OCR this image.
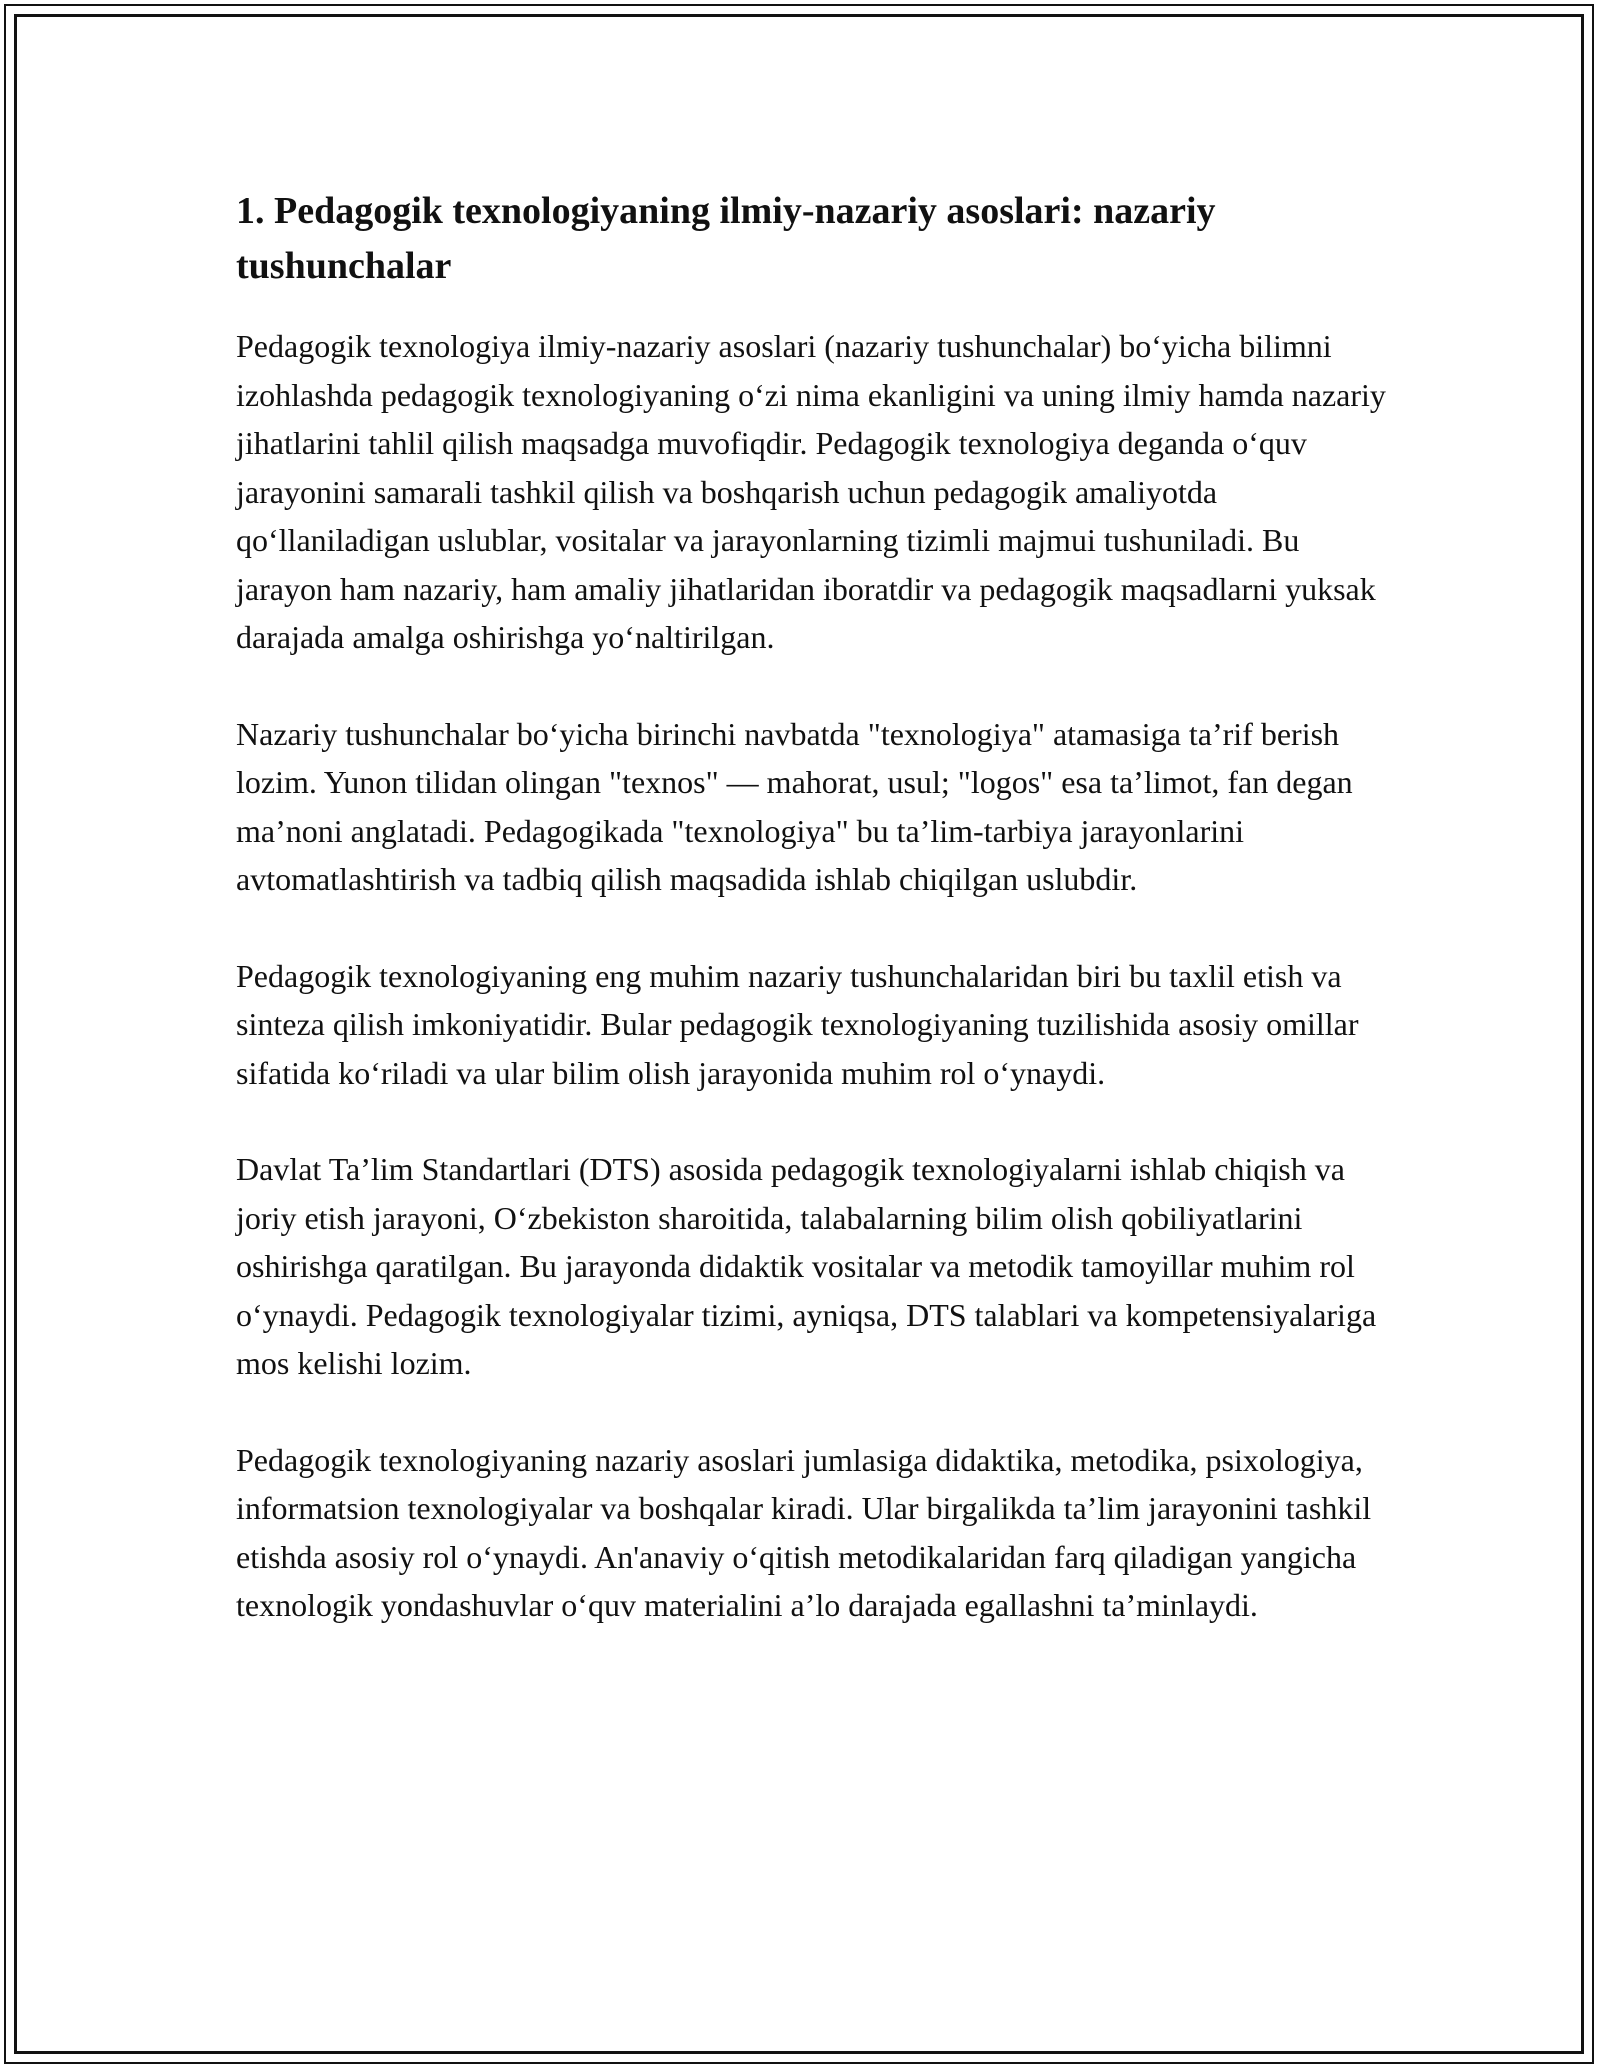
1. Pedagogik texnologiyaning ilmiy-nazariy asoslari: nazariy tushunchalar

Pedagogik texnologiya ilmiy-nazariy asoslari (nazariy tushunchalar) bo‘yicha bilimni izohlashda pedagogik texnologiyaning o‘zi nima ekanligini va uning ilmiy hamda nazariy jihatlarini tahlil qilish maqsadga muvofiqdir. Pedagogik texnologiya deganda o‘quv jarayonini samarali tashkil qilish va boshqarish uchun pedagogik amaliyotda qo‘llaniladigan uslublar, vositalar va jarayonlarning tizimli majmui tushuniladi. Bu jarayon ham nazariy, ham amaliy jihatlaridan iboratdir va pedagogik maqsadlarni yuksak darajada amalga oshirishga yo‘naltirilgan.

Nazariy tushunchalar bo‘yicha birinchi navbatda "texnologiya" atamasiga ta’rif berish lozim. Yunon tilidan olingan "texnos" — mahorat, usul; "logos" esa ta’limot, fan degan ma’noni anglatadi. Pedagogikada "texnologiya" bu ta’lim-tarbiya jarayonlarini avtomatlashtirish va tadbiq qilish maqsadida ishlab chiqilgan uslubdir.

Pedagogik texnologiyaning eng muhim nazariy tushunchalaridan biri bu taxlil etish va sinteza qilish imkoniyatidir. Bular pedagogik texnologiyaning tuzilishida asosiy omillar sifatida ko‘riladi va ular bilim olish jarayonida muhim rol o‘ynaydi.

Davlat Ta’lim Standartlari (DTS) asosida pedagogik texnologiyalarni ishlab chiqish va joriy etish jarayoni, O‘zbekiston sharoitida, talabalarning bilim olish qobiliyatlarini oshirishga qaratilgan. Bu jarayonda didaktik vositalar va metodik tamoyillar muhim rol o‘ynaydi. Pedagogik texnologiyalar tizimi, ayniqsa, DTS talablari va kompetensiyalariga mos kelishi lozim.

Pedagogik texnologiyaning nazariy asoslari jumlasiga didaktika, metodika, psixologiya, informatsion texnologiyalar va boshqalar kiradi. Ular birgalikda ta’lim jarayonini tashkil etishda asosiy rol o‘ynaydi. An'anaviy o‘qitish metodikalaridan farq qiladigan yangicha texnologik yondashuvlar o‘quv materialini a’lo darajada egallashni ta’minlaydi.
